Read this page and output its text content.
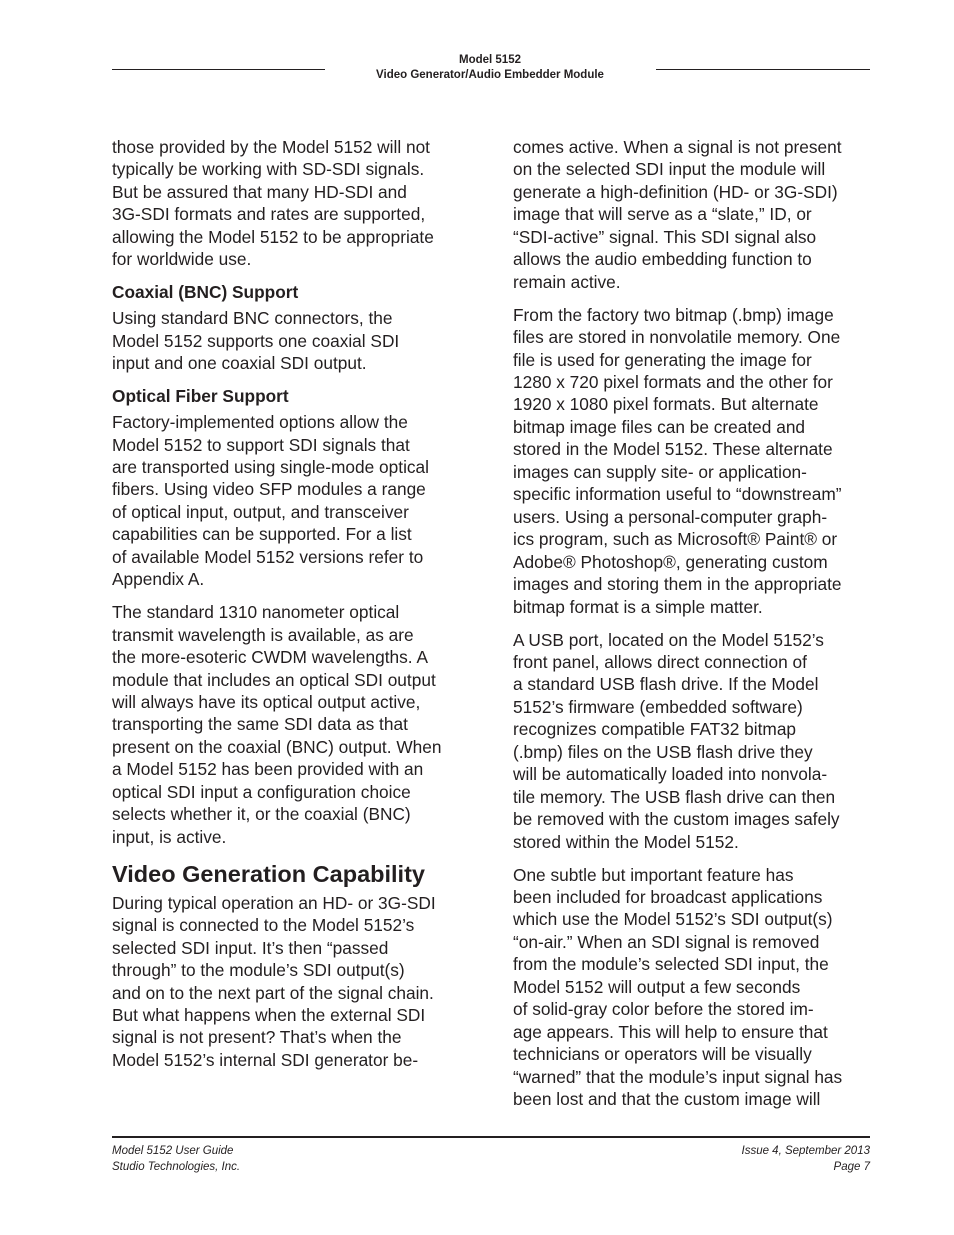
Model 5152
Video Generator/Audio Embedder Module

those provided by the Model 5152 will not
typically be working with SD-SDI signals.
But be assured that many HD-SDI and
3G-SDI formats and rates are supported,
allowing the Model 5152 to be appropriate
for worldwide use.

Coaxial (BNC) Support

Using standard BNC connectors, the
Model 5152 supports one coaxial SDI
input and one coaxial SDI output.

Optical Fiber Support

Factory-implemented options allow the
Model 5152 to support SDI signals that
are transported using single-mode optical
fibers. Using video SFP modules a range
of optical input, output, and transceiver
capabilities can be supported. For a list
of available Model 5152 versions refer to
Appendix A.

The standard 1310 nanometer optical
transmit wavelength is available, as are
the more-esoteric CWDM wavelengths. A
module that includes an optical SDI output
will always have its optical output active,
transporting the same SDI data as that
present on the coaxial (BNC) output. When
a Model 5152 has been provided with an
optical SDI input a configuration choice
selects whether it, or the coaxial (BNC)
input, is active.

Video Generation Capability

During typical operation an HD- or 3G-SDI
signal is connected to the Model 5152’s
selected SDI input. It’s then “passed
through” to the module’s SDI output(s)
and on to the next part of the signal chain.
But what happens when the external SDI
signal is not present? That’s when the
Model 5152’s internal SDI generator be-

comes active. When a signal is not present
on the selected SDI input the module will
generate a high-definition (HD- or 3G-SDI)
image that will serve as a “slate,” ID, or
“SDI-active” signal. This SDI signal also
allows the audio embedding function to
remain active.

From the factory two bitmap (.bmp) image
files are stored in nonvolatile memory. One
file is used for generating the image for
1280 x 720 pixel formats and the other for
1920 x 1080 pixel formats. But alternate
bitmap image files can be created and
stored in the Model 5152. These alternate
images can supply site- or application-
specific information useful to “downstream”
users. Using a personal-computer graph-
ics program, such as Microsoft® Paint® or
Adobe® Photoshop®, generating custom
images and storing them in the appropriate
bitmap format is a simple matter.

A USB port, located on the Model 5152’s
front panel, allows direct connection of
a standard USB flash drive. If the Model
5152’s firmware (embedded software)
recognizes compatible FAT32 bitmap
(.bmp) files on the USB flash drive they
will be automatically loaded into nonvola-
tile memory. The USB flash drive can then
be removed with the custom images safely
stored within the Model 5152.

One subtle but important feature has
been included for broadcast applications
which use the Model 5152’s SDI output(s)
“on-air.” When an SDI signal is removed
from the module’s selected SDI input, the
Model 5152 will output a few seconds
of solid-gray color before the stored im-
age appears. This will help to ensure that
technicians or operators will be visually
“warned” that the module’s input signal has
been lost and that the custom image will

Model 5152 User Guide
Studio Technologies, Inc.
Issue 4, September 2013
Page 7
